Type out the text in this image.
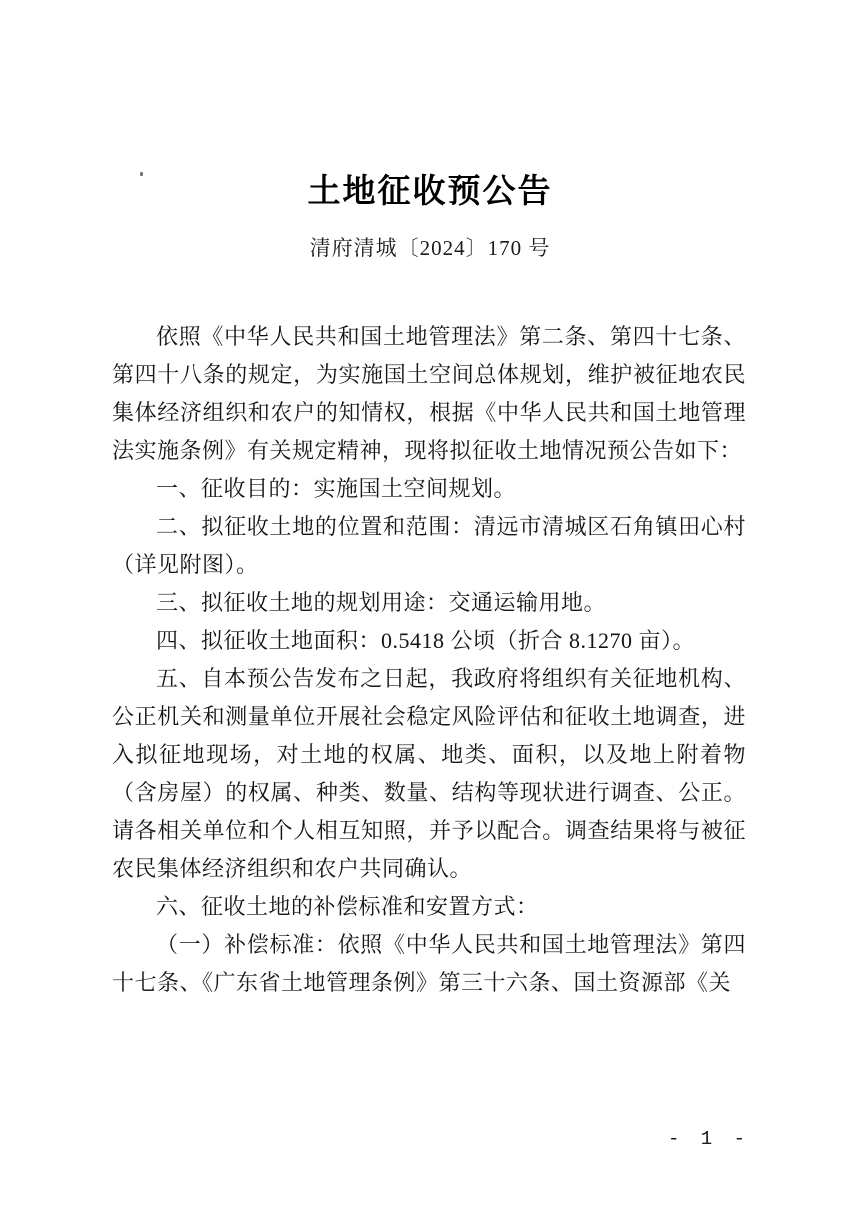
土地征收预公告
清府清城〔2024〕170 号

依照《中华人民共和国土地管理法》第二条、第四十七条、第四十八条的规定，为实施国土空间总体规划，维护被征地农民集体经济组织和农户的知情权，根据《中华人民共和国土地管理法实施条例》有关规定精神，现将拟征收土地情况预公告如下：

一、征收目的：实施国土空间规划。

二、拟征收土地的位置和范围：清远市清城区石角镇田心村（详见附图）。

三、拟征收土地的规划用途：交通运输用地。

四、拟征收土地面积：0.5418 公顷（折合 8.1270 亩）。

五、自本预公告发布之日起，我政府将组织有关征地机构、公正机关和测量单位开展社会稳定风险评估和征收土地调查，进入拟征地现场，对土地的权属、地类、面积，以及地上附着物（含房屋）的权属、种类、数量、结构等现状进行调查、公正。请各相关单位和个人相互知照，并予以配合。调查结果将与被征农民集体经济组织和农户共同确认。

六、征收土地的补偿标准和安置方式：

（一）补偿标准：依照《中华人民共和国土地管理法》第四十七条、《广东省土地管理条例》第三十六条、国土资源部《关

- 1 -
